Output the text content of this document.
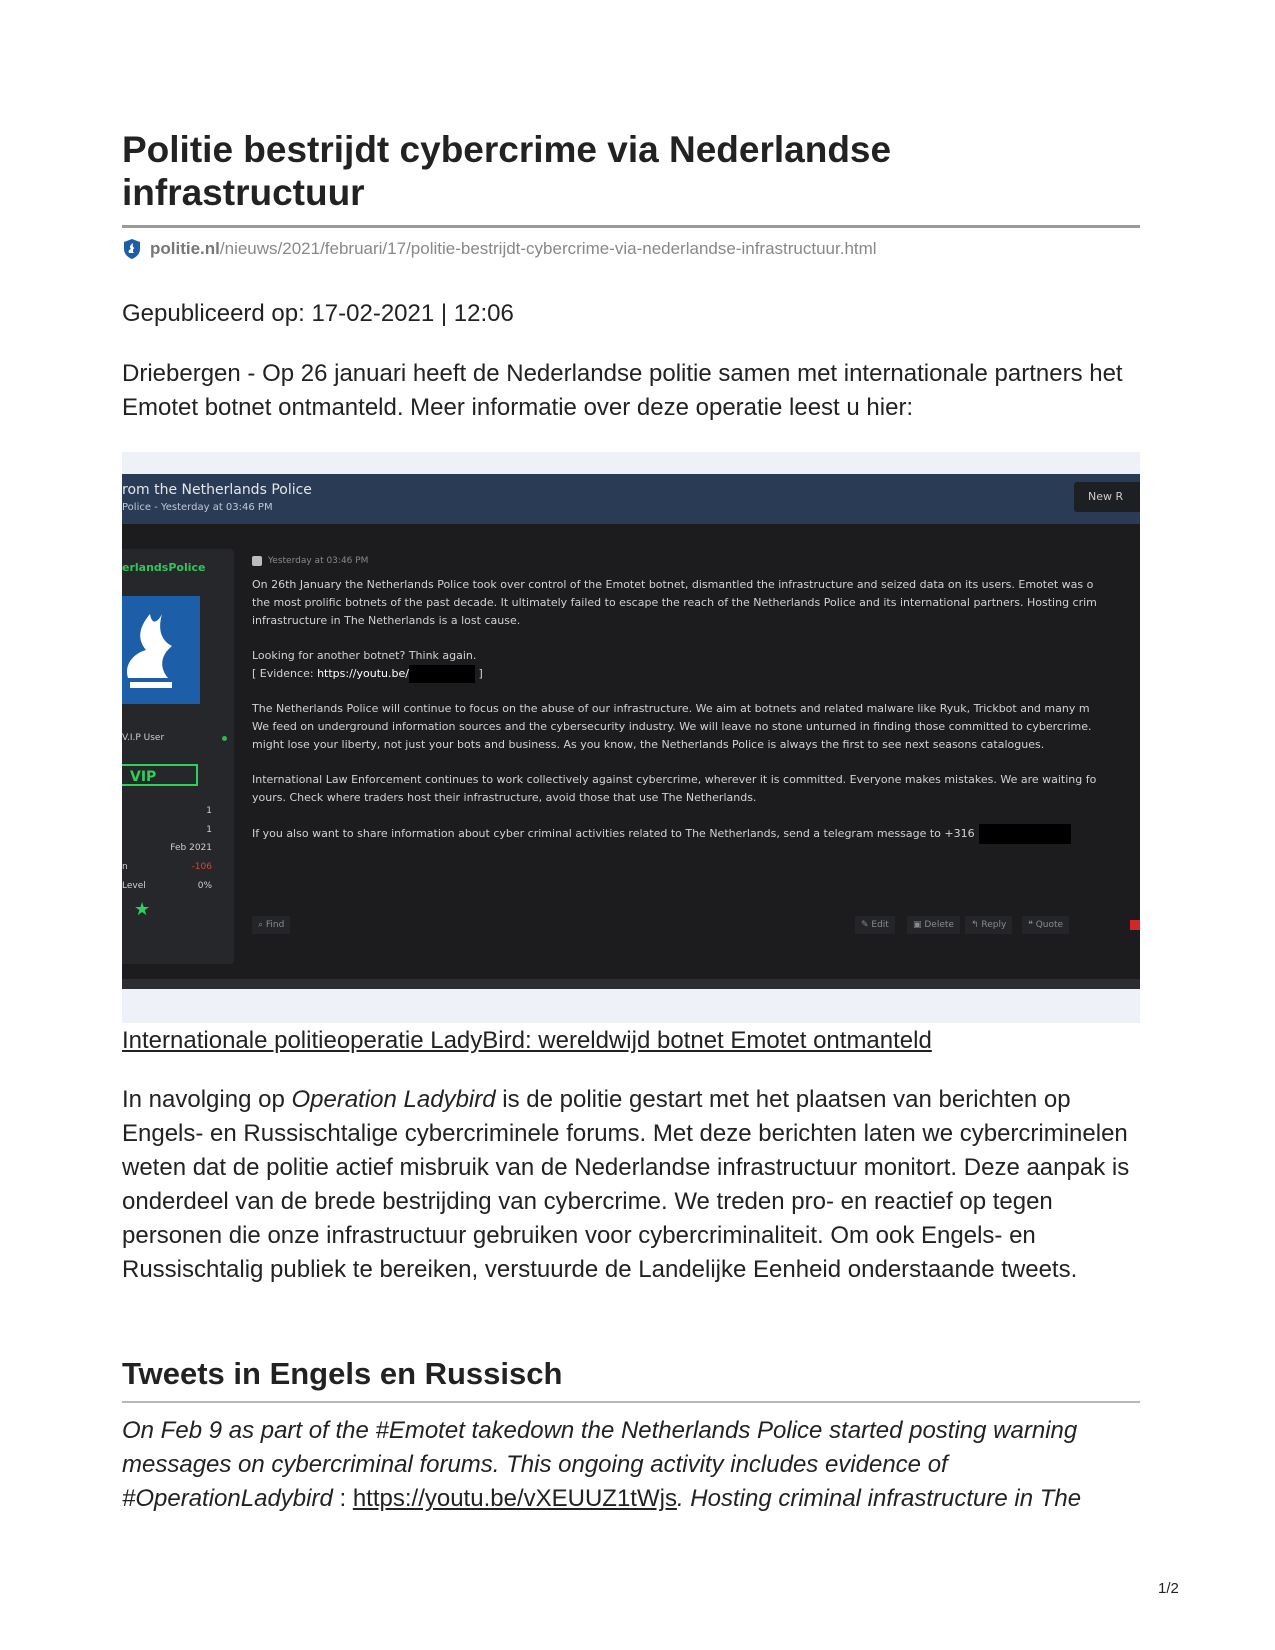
Politie bestrijdt cybercrime via Nederlandse infrastructuur
politie.nl /nieuws/2021/februari/17/politie-bestrijdt-cybercrime-via-nederlandse-infrastructuur.html
Gepubliceerd op: 17-02-2021 | 12:06

Driebergen - Op 26 januari heeft de Nederlandse politie samen met internationale partners het Emotet botnet ontmanteld. Meer informatie over deze operatie leest u hier:

rom the Netherlands Police
Police - Yesterday at 03:46 PM
New R
erlandsPolice
V.I.P User
VIP
1
1
Feb 2021
n	-106
Level	0%
★
Yesterday at 03:46 PM

On 26th January the Netherlands Police took over control of the Emotet botnet, dismantled the infrastructure and seized data on its users. Emotet was o
the most prolific botnets of the past decade. It ultimately failed to escape the reach of the Netherlands Police and its international partners. Hosting crim
infrastructure in The Netherlands is a lost cause.

Looking for another botnet? Think again.
[ Evidence: https://youtu.be/	]

The Netherlands Police will continue to focus on the abuse of our infrastructure. We aim at botnets and related malware like Ryuk, Trickbot and many m
We feed on underground information sources and the cybersecurity industry. We will leave no stone unturned in finding those committed to cybercrime.
might lose your liberty, not just your bots and business. As you know, the Netherlands Police is always the first to see next seasons catalogues.

International Law Enforcement continues to work collectively against cybercrime, wherever it is committed. Everyone makes mistakes. We are waiting fo
yours. Check where traders host their infrastructure, avoid those that use The Netherlands.

If you also want to share information about cyber criminal activities related to The Netherlands, send a telegram message to +316

⌕ Find	✎ Edit	▣ Delete	↰ Reply	❝ Quote
Internationale politieoperatie LadyBird: wereldwijd botnet Emotet ontmanteld

In navolging op Operation Ladybird is de politie gestart met het plaatsen van berichten op Engels- en Russischtalige cybercriminele forums. Met deze berichten laten we cybercriminelen weten dat de politie actief misbruik van de Nederlandse infrastructuur monitort. Deze aanpak is onderdeel van de brede bestrijding van cybercrime. We treden pro- en reactief op tegen personen die onze infrastructuur gebruiken voor cybercriminaliteit. Om ook Engels- en Russischtalig publiek te bereiken, verstuurde de Landelijke Eenheid onderstaande tweets.

Tweets in Engels en Russisch

On Feb 9 as part of the #Emotet takedown the Netherlands Police started posting warning messages on cybercriminal forums. This ongoing activity includes evidence of #OperationLadybird : https://youtu.be/vXEUUZ1tWjs. Hosting criminal infrastructure in The

1/2
